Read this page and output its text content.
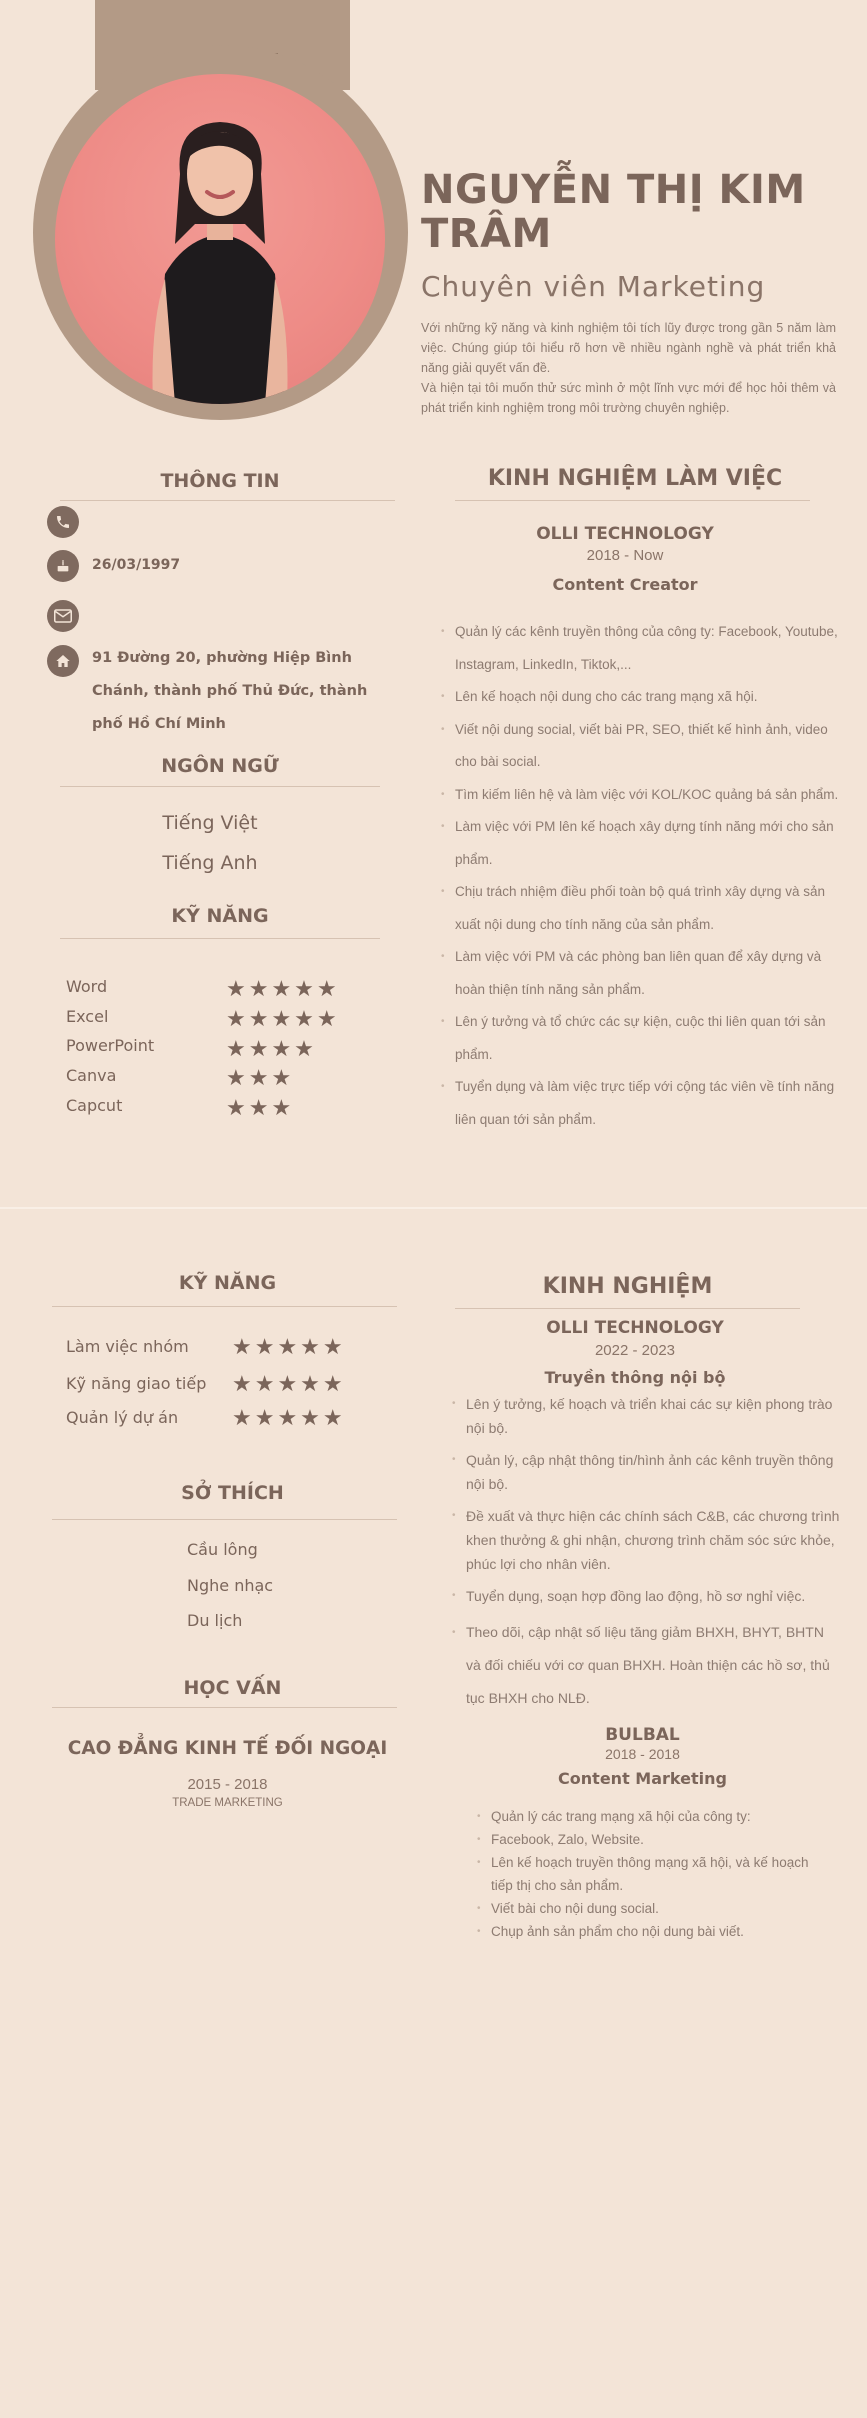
NGUYỄN THỊ KIM TRÂM
Chuyên viên Marketing
Với những kỹ năng và kinh nghiệm tôi tích lũy được trong gần 5 năm làm việc. Chúng giúp tôi hiểu rõ hơn về nhiều ngành nghề và phát triển khả năng giải quyết vấn đề.
Và hiện tại tôi muốn thử sức mình ở một lĩnh vực mới để học hỏi thêm và phát triển kinh nghiệm trong môi trường chuyên nghiệp.
THÔNG TIN
26/03/1997
91 Đường 20, phường Hiệp Bình Chánh, thành phố Thủ Đức, thành phố Hồ Chí Minh
NGÔN NGỮ
Tiếng Việt
Tiếng Anh
KỸ NĂNG
Word	★★★★★
Excel	★★★★★
PowerPoint	★★★★
Canva	★★★
Capcut	★★★
KINH NGHIỆM LÀM VIỆC
OLLI TECHNOLOGY
2018 - Now
Content Creator
• Quản lý các kênh truyền thông của công ty: Facebook, Youtube, Instagram, LinkedIn, Tiktok,...
• Lên kế hoạch nội dung cho các trang mạng xã hội.
• Viết nội dung social, viết bài PR, SEO, thiết kế hình ảnh, video cho bài social.
• Tìm kiếm liên hệ và làm việc với KOL/KOC quảng bá sản phẩm.
• Làm việc với PM lên kế hoạch xây dựng tính năng mới cho sản phẩm.
• Chịu trách nhiệm điều phối toàn bộ quá trình xây dựng và sản xuất nội dung cho tính năng của sản phẩm.
• Làm việc với PM và các phòng ban liên quan để xây dựng và hoàn thiện tính năng sản phẩm.
• Lên ý tưởng và tổ chức các sự kiện, cuộc thi liên quan tới sản phẩm.
• Tuyển dụng và làm việc trực tiếp với cộng tác viên về tính năng liên quan tới sản phẩm.
KỸ NĂNG
Làm việc nhóm ★★★★★
Kỹ năng giao tiếp ★★★★★
Quản lý dự án ★★★★★
SỞ THÍCH
Cầu lông
Nghe nhạc
Du lịch
HỌC VẤN
CAO ĐẲNG KINH TẾ ĐỐI NGOẠI
2015 - 2018
TRADE MARKETING
KINH NGHIỆM
OLLI TECHNOLOGY
2022 - 2023
Truyền thông nội bộ
• Lên ý tưởng, kế hoạch và triển khai các sự kiện phong trào nội bộ.
• Quản lý, cập nhật thông tin/hình ảnh các kênh truyền thông nội bộ.
• Đề xuất và thực hiện các chính sách C&B, các chương trình khen thưởng & ghi nhận, chương trình chăm sóc sức khỏe, phúc lợi cho nhân viên.
• Tuyển dụng, soạn hợp đồng lao động, hồ sơ nghỉ việc.
• Theo dõi, cập nhật số liệu tăng giảm BHXH, BHYT, BHTN và đối chiếu với cơ quan BHXH. Hoàn thiện các hồ sơ, thủ tục BHXH cho NLĐ.
BULBAL
2018 - 2018
Content Marketing
• Quản lý các trang mạng xã hội của công ty:
• Facebook, Zalo, Website.
• Lên kế hoạch truyền thông mạng xã hội, và kế hoạch tiếp thị cho sản phẩm.
• Viết bài cho nội dung social.
• Chụp ảnh sản phẩm cho nội dung bài viết.
